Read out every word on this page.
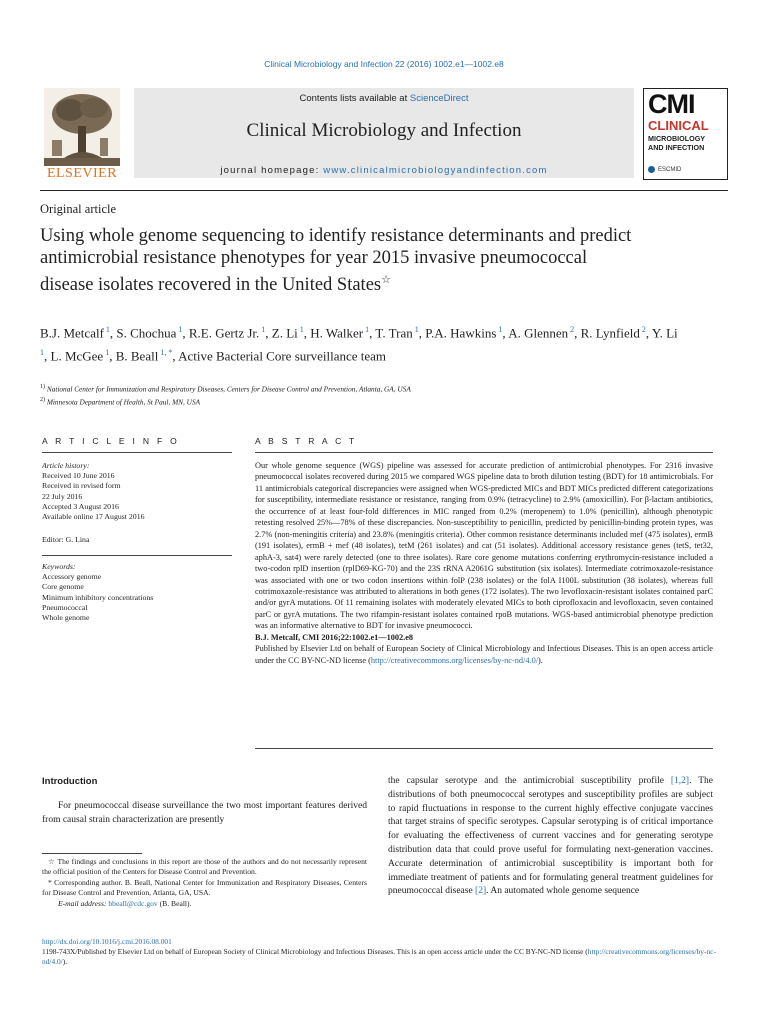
Clinical Microbiology and Infection 22 (2016) 1002.e1—1002.e8
ELSEVIER
Contents lists available at ScienceDirect
Clinical Microbiology and Infection
journal homepage: www.clinicalmicrobiologyandinfection.com
CMI
CLINICAL
MICROBIOLOGY
AND INFECTION
ESCMID
Original article
Using whole genome sequencing to identify resistance determinants and predict antimicrobial resistance phenotypes for year 2015 invasive pneumococcal disease isolates recovered in the United States☆
B.J. Metcalf $^1$, S. Chochua $^1$, R.E. Gertz Jr. $^1$, Z. Li $^1$, H. Walker $^1$, T. Tran $^1$, P.A. Hawkins $^1$, A. Glennen $^2$, R. Lynfield $^2$, Y. Li $^1$, L. McGee $^1$, B. Beall $^{1, *}$, Active Bacterial Core surveillance team
$^{1)}$ National Center for Immunization and Respiratory Diseases, Centers for Disease Control and Prevention, Atlanta, GA, USA
$^{2)}$ Minnesota Department of Health, St Paul, MN, USA
A R T I C L E I N F O
Article history:
Received 10 June 2016
Received in revised form
22 July 2016
Accepted 3 August 2016
Available online 17 August 2016
Editor: G. Lina
Keywords:
Accessory genome
Core genome
Minimum inhibitory concentrations
Pneumococcal
Whole genome
A B S T R A C T
Our whole genome sequence (WGS) pipeline was assessed for accurate prediction of antimicrobial phenotypes. For 2316 invasive pneumococcal isolates recovered during 2015 we compared WGS pipeline data to broth dilution testing (BDT) for 18 antimicrobials. For 11 antimicrobials categorical discrepancies were assigned when WGS-predicted MICs and BDT MICs predicted different categorizations for susceptibility, intermediate resistance or resistance, ranging from 0.9% (tetracycline) to 2.9% (amoxicillin). For β-lactam antibiotics, the occurrence of at least four-fold differences in MIC ranged from 0.2% (meropenem) to 1.0% (penicillin), although phenotypic retesting resolved 25%—78% of these discrepancies. Non-susceptibility to penicillin, predicted by penicillin-binding protein types, was 2.7% (non-meningitis criteria) and 23.8% (meningitis criteria). Other common resistance determinants included mef (475 isolates), ermB (191 isolates), ermB + mef (48 isolates), tetM (261 isolates) and cat (51 isolates). Additional accessory resistance genes (tetS, tet32, aphA-3, sat4) were rarely detected (one to three isolates). Rare core genome mutations conferring erythromycin-resistance included a two-codon rplD insertion (rplD69-KG-70) and the 23S rRNA A2061G substitution (six isolates). Intermediate cotrimoxazole-resistance was associated with one or two codon insertions within folP (238 isolates) or the folA I100L substitution (38 isolates), whereas full cotrimoxazole-resistance was attributed to alterations in both genes (172 isolates). The two levofloxacin-resistant isolates contained parC and/or gyrA mutations. Of 11 remaining isolates with moderately elevated MICs to both ciprofloxacin and levofloxacin, seven contained parC or gyrA mutations. The two rifampin-resistant isolates contained rpoB mutations. WGS-based antimicrobial phenotype prediction was an informative alternative to BDT for invasive pneumococci.
B.J. Metcalf, CMI 2016;22:1002.e1—1002.e8
Published by Elsevier Ltd on behalf of European Society of Clinical Microbiology and Infectious Diseases. This is an open access article under the CC BY-NC-ND license (http://creativecommons.org/licenses/by-nc-nd/4.0/).
Introduction
For pneumococcal disease surveillance the two most important features derived from causal strain characterization are presently
the capsular serotype and the antimicrobial susceptibility profile [1,2]. The distributions of both pneumococcal serotypes and susceptibility profiles are subject to rapid fluctuations in response to the current highly effective conjugate vaccines that target strains of specific serotypes. Capsular serotyping is of critical importance for evaluating the effectiveness of current vaccines and for generating serotype distribution data that could prove useful for formulating next-generation vaccines. Accurate determination of antimicrobial susceptibility is important both for immediate treatment of patients and for formulating general treatment guidelines for pneumococcal disease [2]. An automated whole genome sequence
☆ The findings and conclusions in this report are those of the authors and do not necessarily represent the official position of the Centers for Disease Control and Prevention.
* Corresponding author. B. Beall, National Center for Immunization and Respiratory Diseases, Centers for Disease Control and Prevention, Atlanta, GA, USA.
E-mail address: bbeall@cdc.gov (B. Beall).
http://dx.doi.org/10.1016/j.cmi.2016.08.001
1198-743X/Published by Elsevier Ltd on behalf of European Society of Clinical Microbiology and Infectious Diseases. This is an open access article under the CC BY-NC-ND license (http://creativecommons.org/licenses/by-nc-nd/4.0/).
